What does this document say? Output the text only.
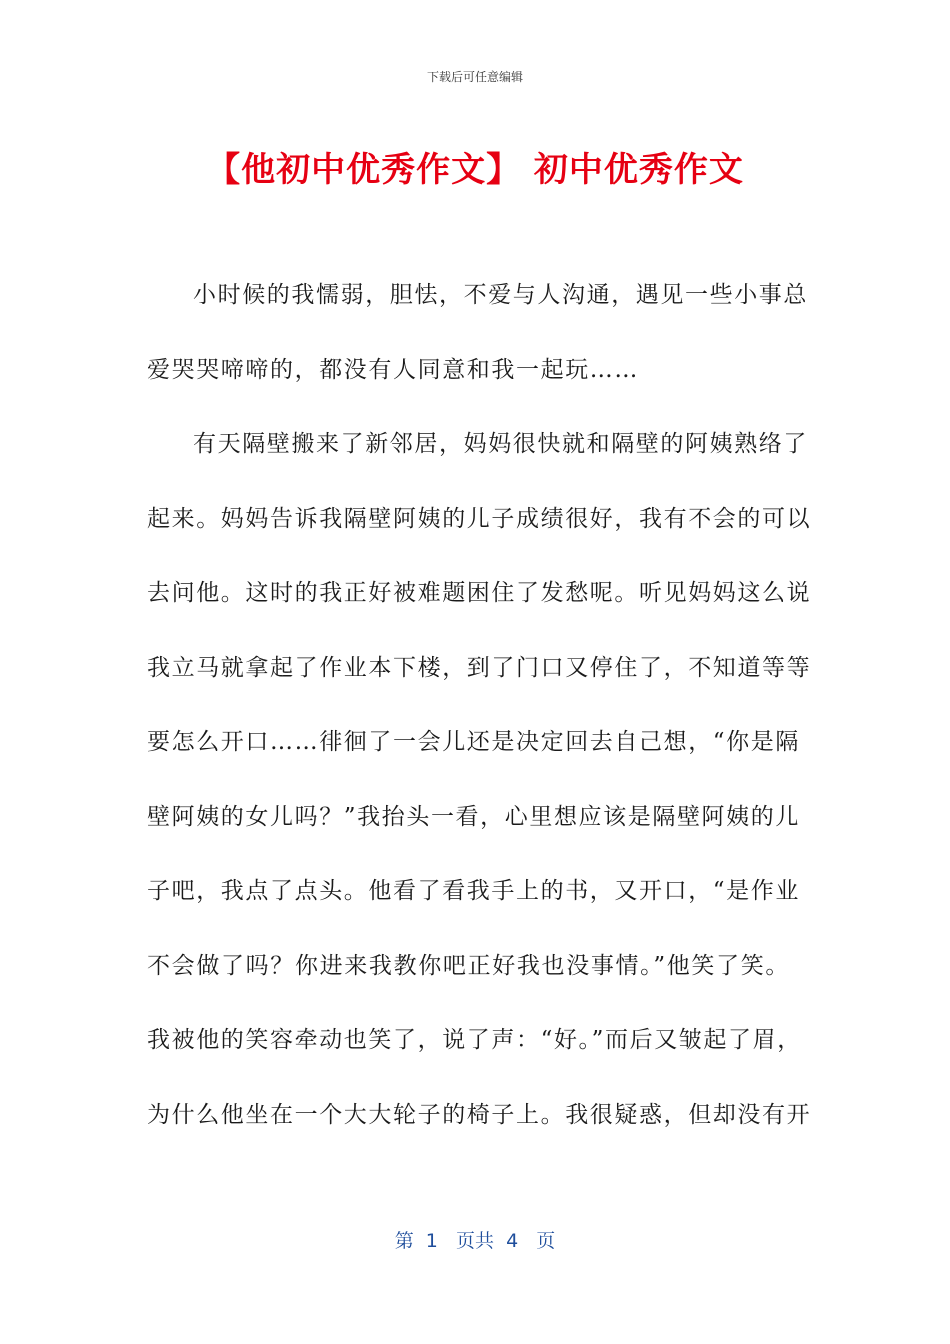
下载后可任意编辑
【他初中优秀作文】 初中优秀作文
小时候的我懦弱，胆怯，不爱与人沟通，遇见一些小事总
爱哭哭啼啼的，都没有人同意和我一起玩……
有天隔壁搬来了新邻居，妈妈很快就和隔壁的阿姨熟络了
起来。妈妈告诉我隔壁阿姨的儿子成绩很好，我有不会的可以
去问他。这时的我正好被难题困住了发愁呢。听见妈妈这么说
我立马就拿起了作业本下楼，到了门口又停住了，不知道等等
要怎么开口……徘徊了一会儿还是决定回去自己想，“你是隔
壁阿姨的女儿吗？”我抬头一看，心里想应该是隔壁阿姨的儿
子吧，我点了点头。他看了看我手上的书，又开口，“是作业
不会做了吗？你进来我教你吧正好我也没事情。”他笑了笑。
我被他的笑容牵动也笑了，说了声：“好。”而后又皱起了眉，
为什么他坐在一个大大轮子的椅子上。我很疑惑，但却没有开
第  1   页共  4   页
